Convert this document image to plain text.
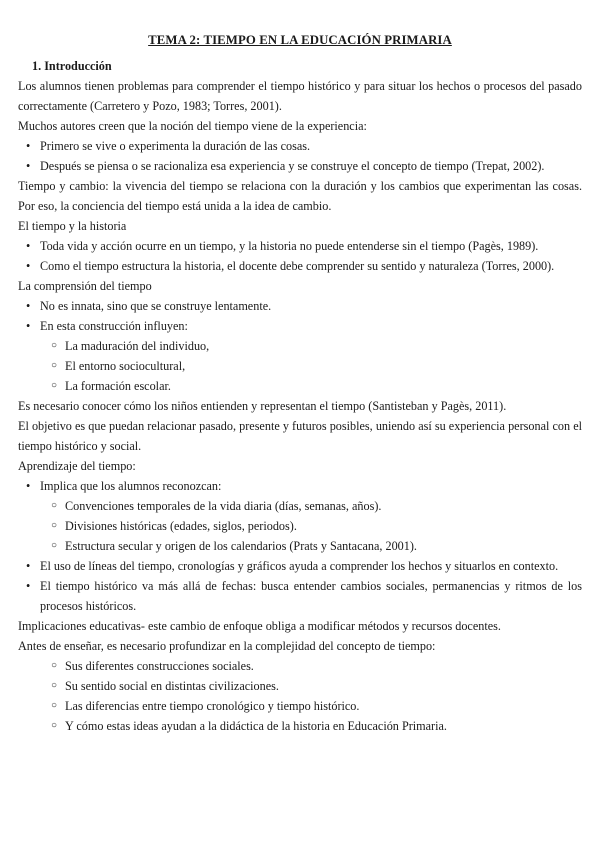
TEMA 2: TIEMPO EN LA EDUCACIÓN PRIMARIA
1. Introducción

Los alumnos tienen problemas para comprender el tiempo histórico y para situar los hechos o procesos del pasado correctamente (Carretero y Pozo, 1983; Torres, 2001).

Muchos autores creen que la noción del tiempo viene de la experiencia:

• Primero se vive o experimenta la duración de las cosas.
• Después se piensa o se racionaliza esa experiencia y se construye el concepto de tiempo (Trepat, 2002).

Tiempo y cambio: la vivencia del tiempo se relaciona con la duración y los cambios que experimentan las cosas. Por eso, la conciencia del tiempo está unida a la idea de cambio.

El tiempo y la historia

• Toda vida y acción ocurre en un tiempo, y la historia no puede entenderse sin el tiempo (Pagès, 1989).
• Como el tiempo estructura la historia, el docente debe comprender su sentido y naturaleza (Torres, 2000).

La comprensión del tiempo

• No es innata, sino que se construye lentamente.
• En esta construcción influyen:
○ La maduración del individuo,
○ El entorno sociocultural,
○ La formación escolar.

Es necesario conocer cómo los niños entienden y representan el tiempo (Santisteban y Pagès, 2011).

El objetivo es que puedan relacionar pasado, presente y futuros posibles, uniendo así su experiencia personal con el tiempo histórico y social.

Aprendizaje del tiempo:

• Implica que los alumnos reconozcan:
○ Convenciones temporales de la vida diaria (días, semanas, años).
○ Divisiones históricas (edades, siglos, periodos).
○ Estructura secular y origen de los calendarios (Prats y Santacana, 2001).
• El uso de líneas del tiempo, cronologías y gráficos ayuda a comprender los hechos y situarlos en contexto.
• El tiempo histórico va más allá de fechas: busca entender cambios sociales, permanencias y ritmos de los procesos históricos.

Implicaciones educativas- este cambio de enfoque obliga a modificar métodos y recursos docentes.

Antes de enseñar, es necesario profundizar en la complejidad del concepto de tiempo:

○ Sus diferentes construcciones sociales.
○ Su sentido social en distintas civilizaciones.
○ Las diferencias entre tiempo cronológico y tiempo histórico.
○ Y cómo estas ideas ayudan a la didáctica de la historia en Educación Primaria.
